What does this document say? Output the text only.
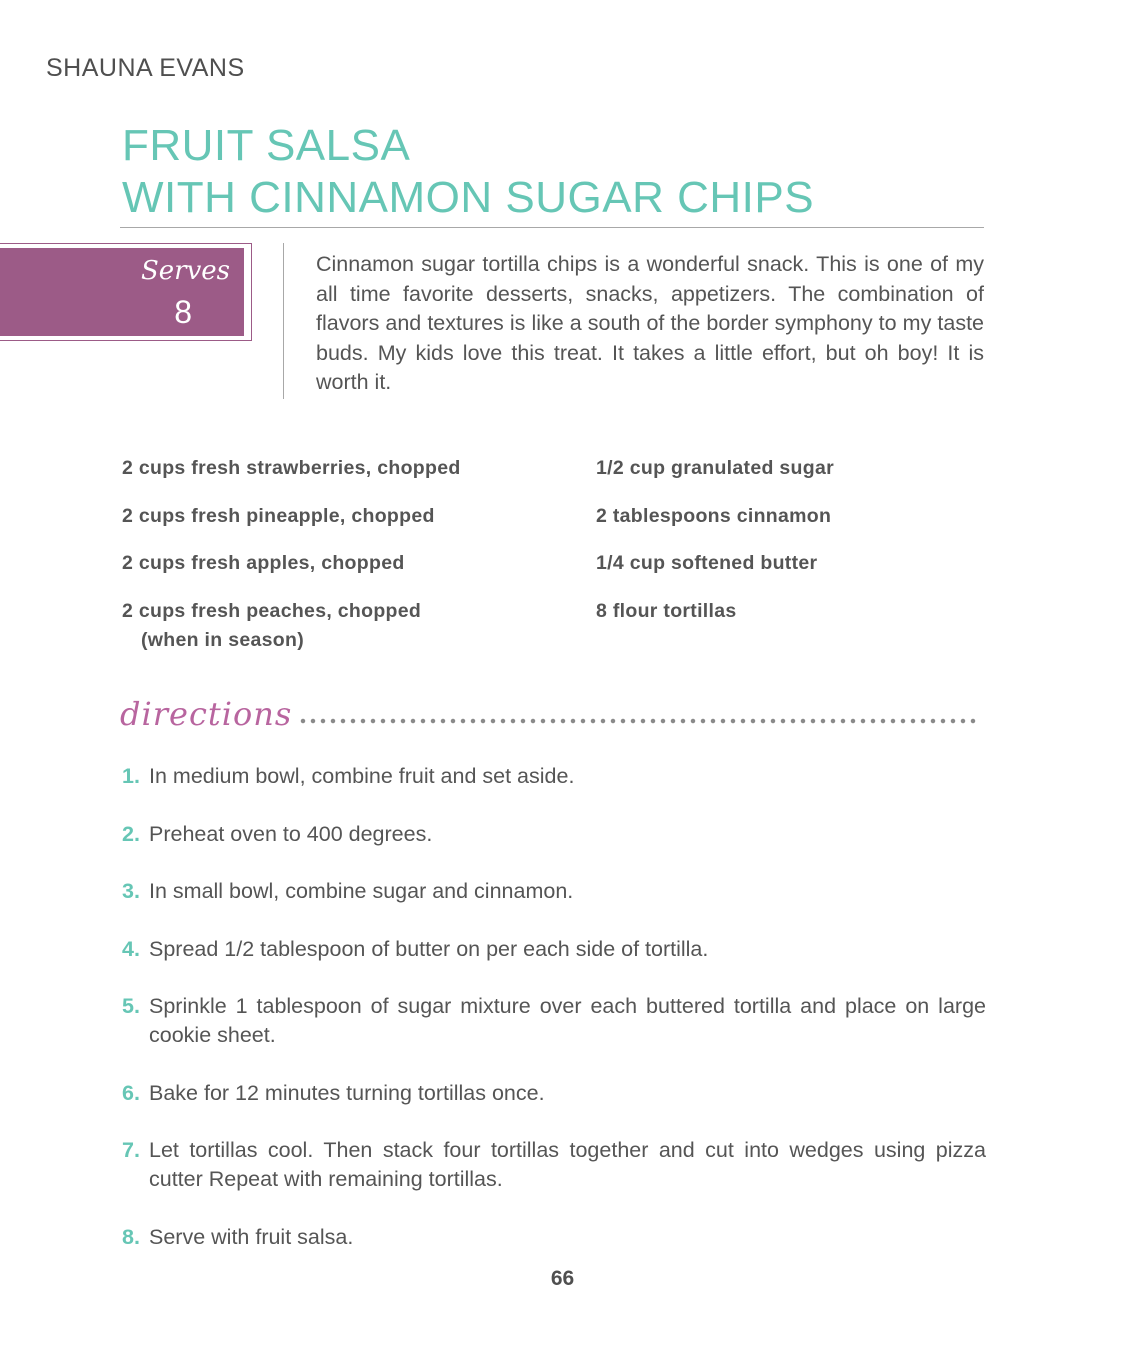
SHAUNA EVANS
FRUIT SALSA
WITH CINNAMON SUGAR CHIPS
Serves
8
Cinnamon sugar tortilla chips is a wonderful snack. This is one of my all time favorite desserts, snacks, appetizers. The combination of flavors and textures is like a south of the border symphony to my taste buds. My kids love this treat. It takes a little effort, but oh boy! It is worth it.
2 cups fresh strawberries, chopped
2 cups fresh pineapple, chopped
2 cups fresh apples, chopped
2 cups fresh peaches, chopped
(when in season)
1/2 cup granulated sugar
2 tablespoons cinnamon
1/4 cup softened butter
8 flour tortillas
directions
1. In medium bowl, combine fruit and set aside.
2. Preheat oven to 400 degrees.
3. In small bowl, combine sugar and cinnamon.
4. Spread 1/2 tablespoon of butter on per each side of tortilla.
5. Sprinkle 1 tablespoon of sugar mixture over each buttered tortilla and place on large cookie sheet.
6. Bake for 12 minutes turning tortillas once.
7. Let tortillas cool. Then stack four tortillas together and cut into wedges using pizza cutter Repeat with remaining tortillas.
8. Serve with fruit salsa.
66
